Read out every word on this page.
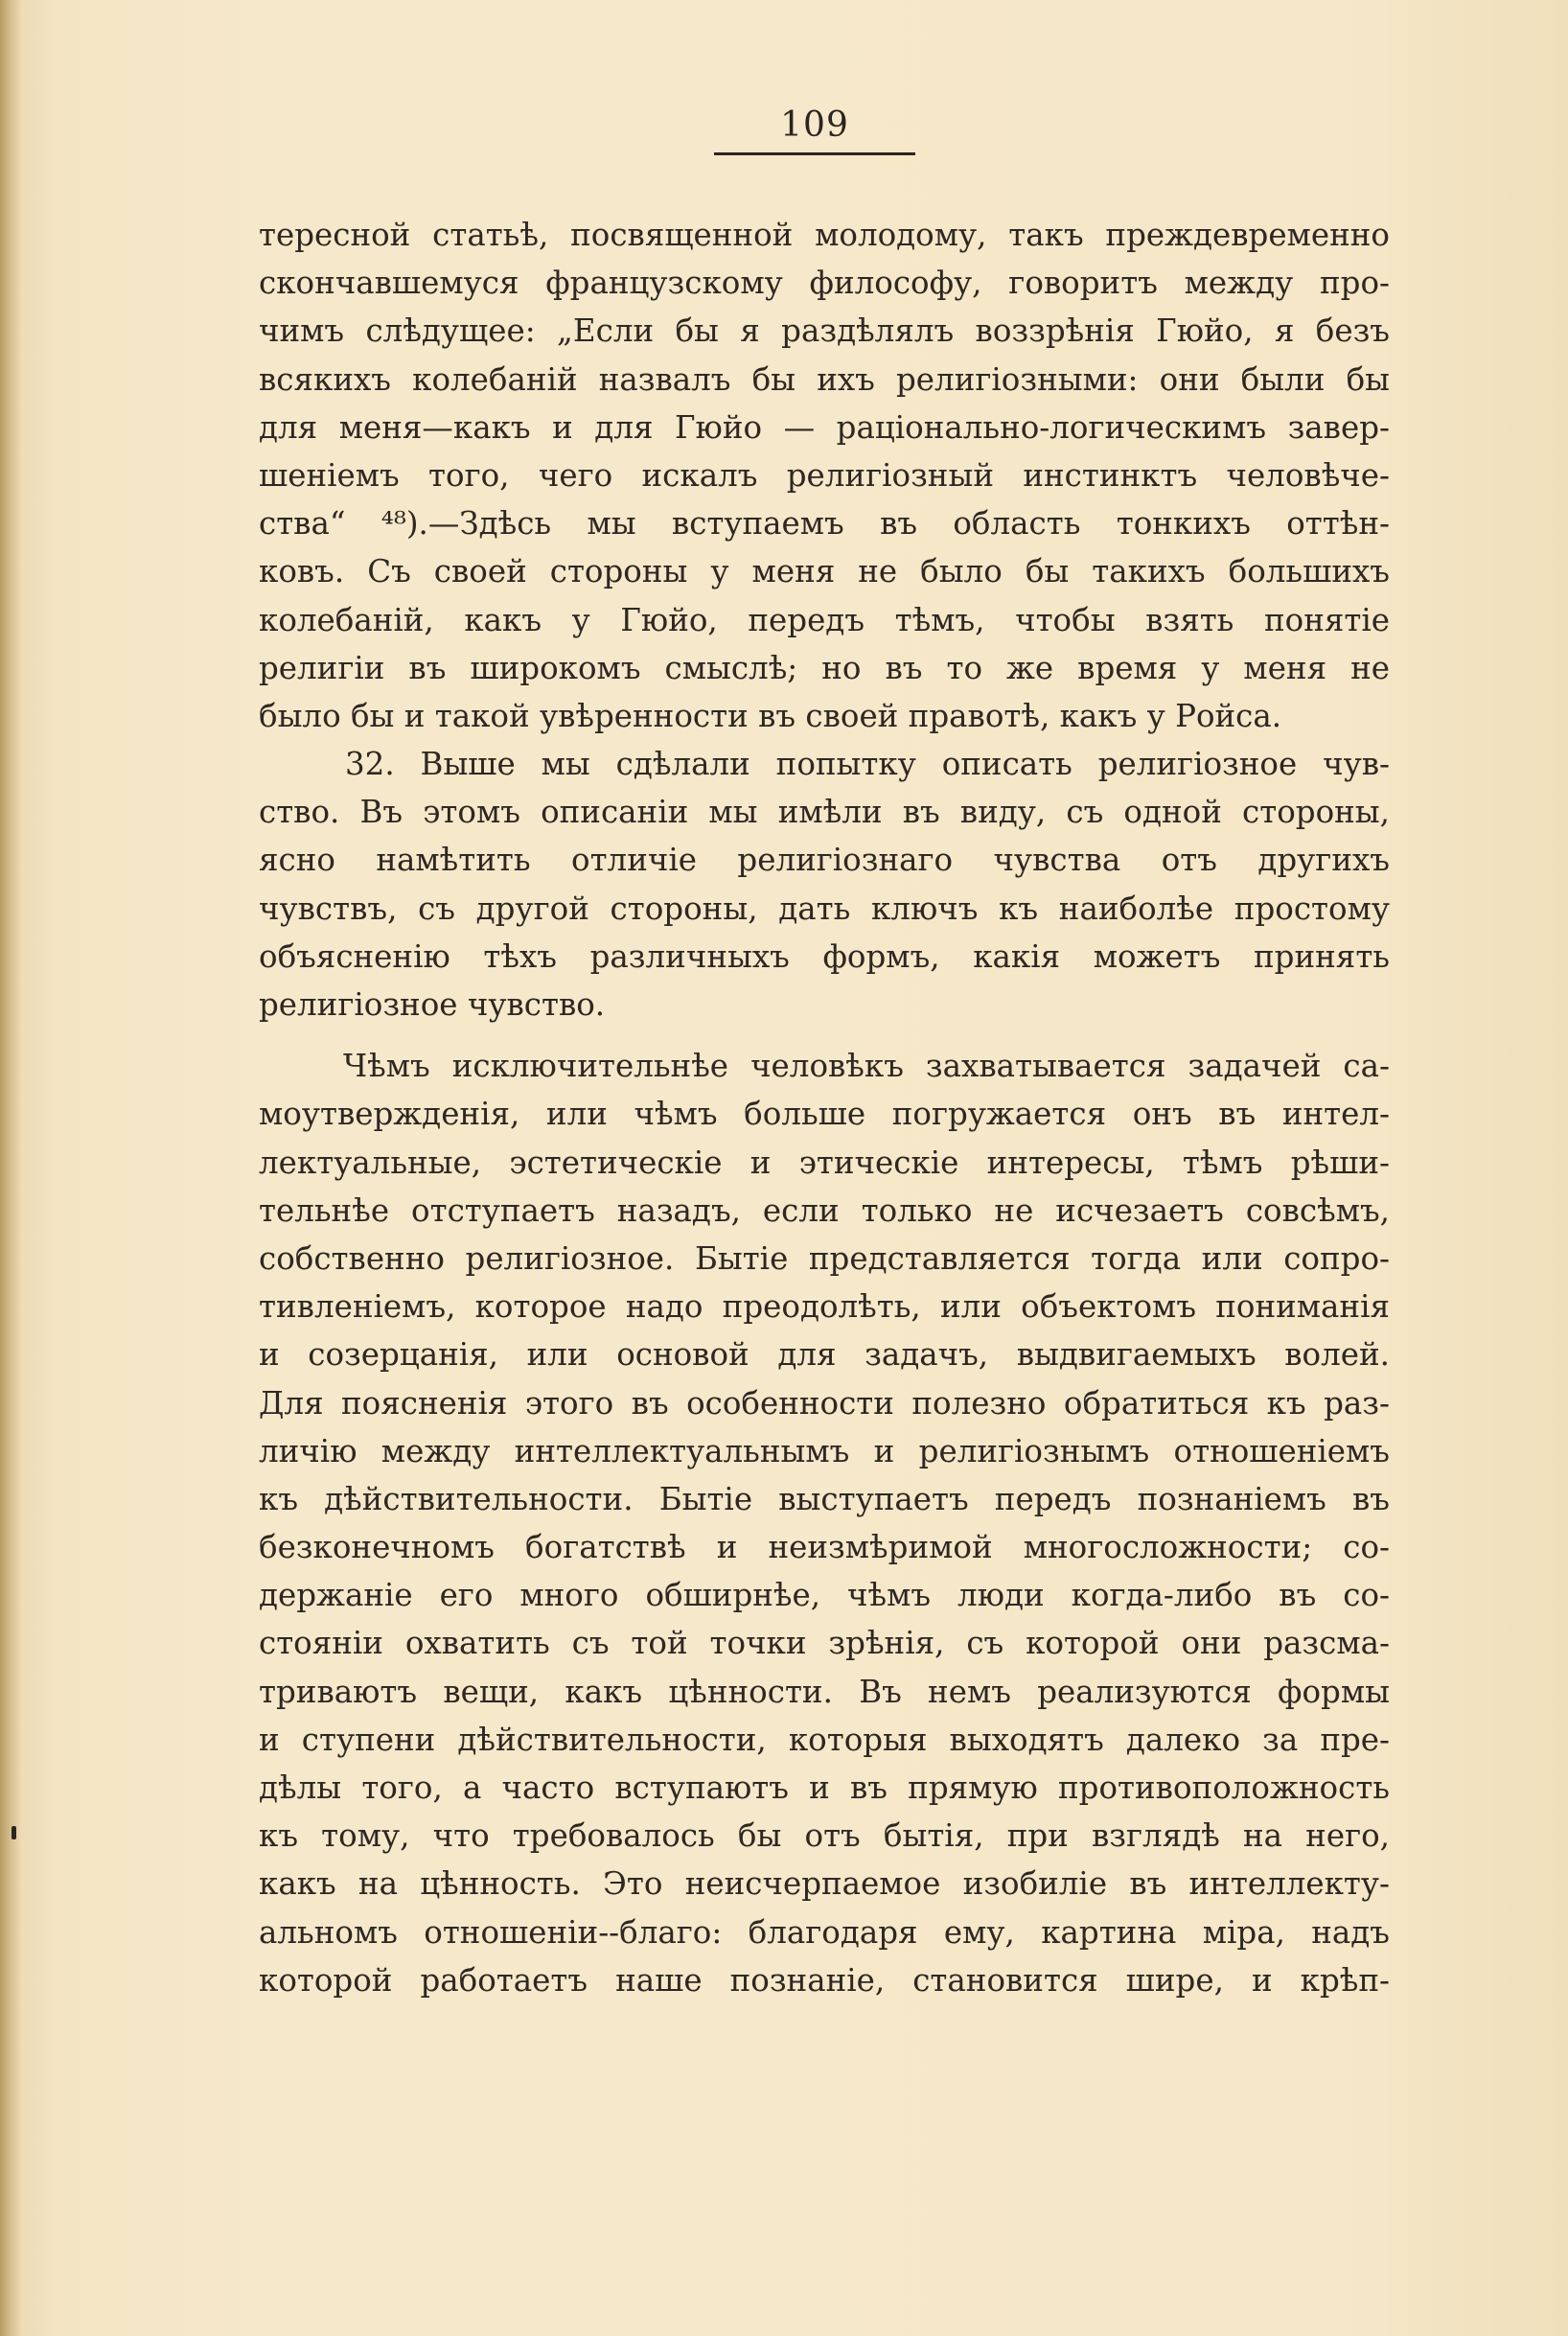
109
тересной статьѣ, посвященной молодому, такъ преждевременно
скончавшемуся французскому философу, говоритъ между про-
чимъ слѣдущее: „Если бы я раздѣлялъ воззрѣнія Гюйо, я безъ
всякихъ колебаній назвалъ бы ихъ религіозными: они были бы
для меня—какъ и для Гюйо — раціонально-логическимъ завер-
шеніемъ того, чего искалъ религіозный инстинктъ человѣче-
ства“ ⁴⁸).—Здѣсь мы вступаемъ въ область тонкихъ оттѣн-
ковъ. Съ своей стороны у меня не было бы такихъ большихъ
колебаній, какъ у Гюйо, передъ тѣмъ, чтобы взять понятіе
религіи въ широкомъ смыслѣ; но въ то же время у меня не
было бы и такой увѣренности въ своей правотѣ, какъ у Ройса.
32. Выше мы сдѣлали попытку описать религіозное чув-
ство. Въ этомъ описаніи мы имѣли въ виду, съ одной стороны,
ясно намѣтить отличіе религіознаго чувства отъ другихъ
чувствъ, съ другой стороны, дать ключъ къ наиболѣе простому
объясненію тѣхъ различныхъ формъ, какія можетъ принять
религіозное чувство.
Чѣмъ исключительнѣе человѣкъ захватывается задачей са-
моутвержденія, или чѣмъ больше погружается онъ въ интел-
лектуальные, эстетическіе и этическіе интересы, тѣмъ рѣши-
тельнѣе отступаетъ назадъ, если только не исчезаетъ совсѣмъ,
собственно религіозное. Бытіе представляется тогда или сопро-
тивленіемъ, которое надо преодолѣть, или объектомъ пониманія
и созерцанія, или основой для задачъ, выдвигаемыхъ волей.
Для поясненія этого въ особенности полезно обратиться къ раз-
личію между интеллектуальнымъ и религіознымъ отношеніемъ
къ дѣйствительности. Бытіе выступаетъ передъ познаніемъ въ
безконечномъ богатствѣ и неизмѣримой многосложности; со-
держаніе его много обширнѣе, чѣмъ люди когда-либо въ со-
стояніи охватить съ той точки зрѣнія, съ которой они разсма-
триваютъ вещи, какъ цѣнности. Въ немъ реализуются формы
и ступени дѣйствительности, которыя выходятъ далеко за пре-
дѣлы того, а часто вступаютъ и въ прямую противоположность
къ тому, что требовалось бы отъ бытія, при взглядѣ на него,
какъ на цѣнность. Это неисчерпаемое изобиліе въ интеллекту-
альномъ отношеніи--благо: благодаря ему, картина міра, надъ
которой работаетъ наше познаніе, становится шире, и крѣп-
